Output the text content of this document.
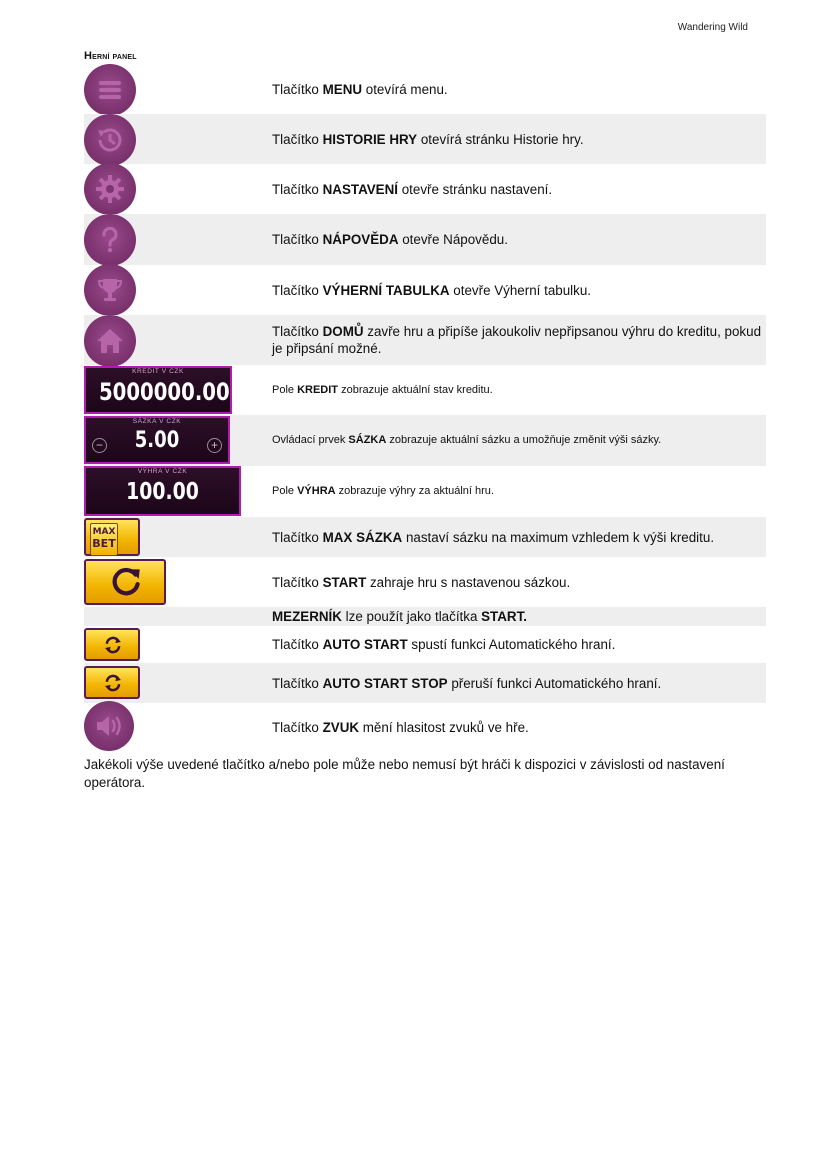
Wandering Wild
Herní panel
Tlačítko MENU otevírá menu.
Tlačítko HISTORIE HRY otevírá stránku Historie hry.
Tlačítko NASTAVENÍ otevře stránku nastavení.
Tlačítko NÁPOVĚDA otevře Nápovědu.
Tlačítko VÝHERNÍ TABULKA otevře Výherní tabulku.
Tlačítko DOMŮ zavře hru a připíše jakoukoliv nepřipsanou výhru do kreditu, pokud je připsání možné.
KREDIT V CZK
5000000.00	Pole KREDIT zobrazuje aktuální stav kreditu.
SÁZKA V CZK
5.00
−	+	Ovládací prvek SÁZKA zobrazuje aktuální sázku a umožňuje změnit výši sázky.
VÝHRA V CZK
100.00	Pole VÝHRA zobrazuje výhry za aktuální hru.
MAX
BET	Tlačítko MAX SÁZKA nastaví sázku na maximum vzhledem k výši kreditu.
Tlačítko START zahraje hru s nastavenou sázkou.
MEZERNÍK lze použít jako tlačítka START.
Tlačítko AUTO START spustí funkci Automatického hraní.
Tlačítko AUTO START STOP přeruší funkci Automatického hraní.
Tlačítko ZVUK mění hlasitost zvuků ve hře.
Jakékoli výše uvedené tlačítko a/nebo pole může nebo nemusí být hráči k dispozici v závislosti od nastavení operátora.
